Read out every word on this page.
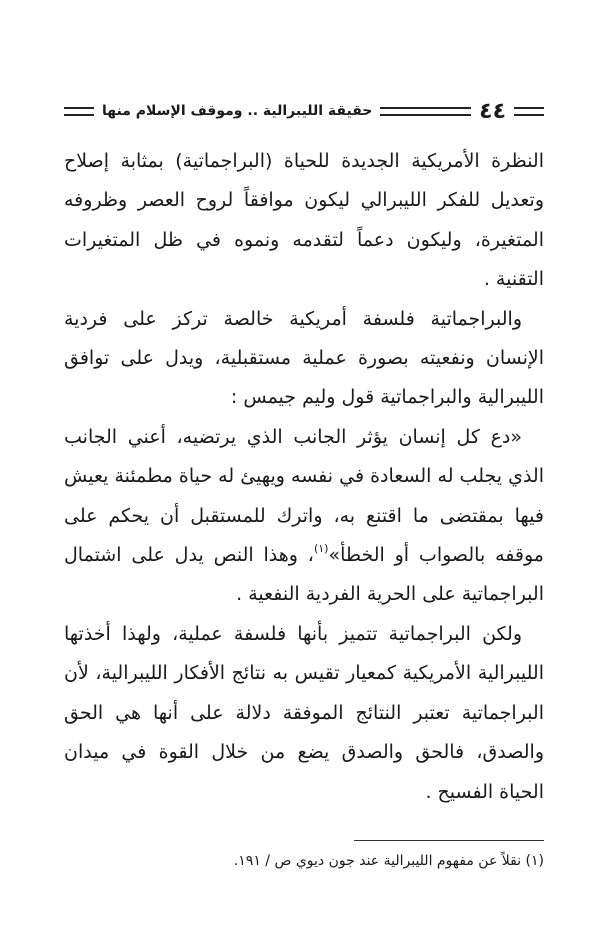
٤٤
حقيقة الليبرالية .. وموقف الإسلام منها

النظرة الأمريكية الجديدة للحياة (البراجماتية) بمثابة إصلاح وتعديل للفكر الليبرالي ليكون موافقاً لروح العصر وظروفه المتغيرة، وليكون دعماً لتقدمه ونموه في ظل المتغيرات التقنية .

والبراجماتية فلسفة أمريكية خالصة تركز على فردية الإنسان ونفعيته بصورة عملية مستقبلية، ويدل على توافق الليبرالية والبراجماتية قول وليم جيمس :

«دع كل إنسان يؤثر الجانب الذي يرتضيه، أعني الجانب الذي يجلب له السعادة في نفسه ويهيئ له حياة مطمئنة يعيش فيها بمقتضى ما اقتنع به، واترك للمستقبل أن يحكم على موقفه بالصواب أو الخطأ»$^{(١)}$، وهذا النص يدل على اشتمال البراجماتية على الحرية الفردية النفعية .

ولكن البراجماتية تتميز بأنها فلسفة عملية، ولهذا أخذتها الليبرالية الأمريكية كمعيار تقيس به نتائج الأفكار الليبرالية، لأن البراجماتية تعتبر النتائج الموفقة دلالة على أنها هي الحق والصدق، فالحق والصدق يضع من خلال القوة في ميدان الحياة الفسيح .

(١) نقلاً عن مفهوم الليبرالية عند جون ديوي ص / ١٩١.
